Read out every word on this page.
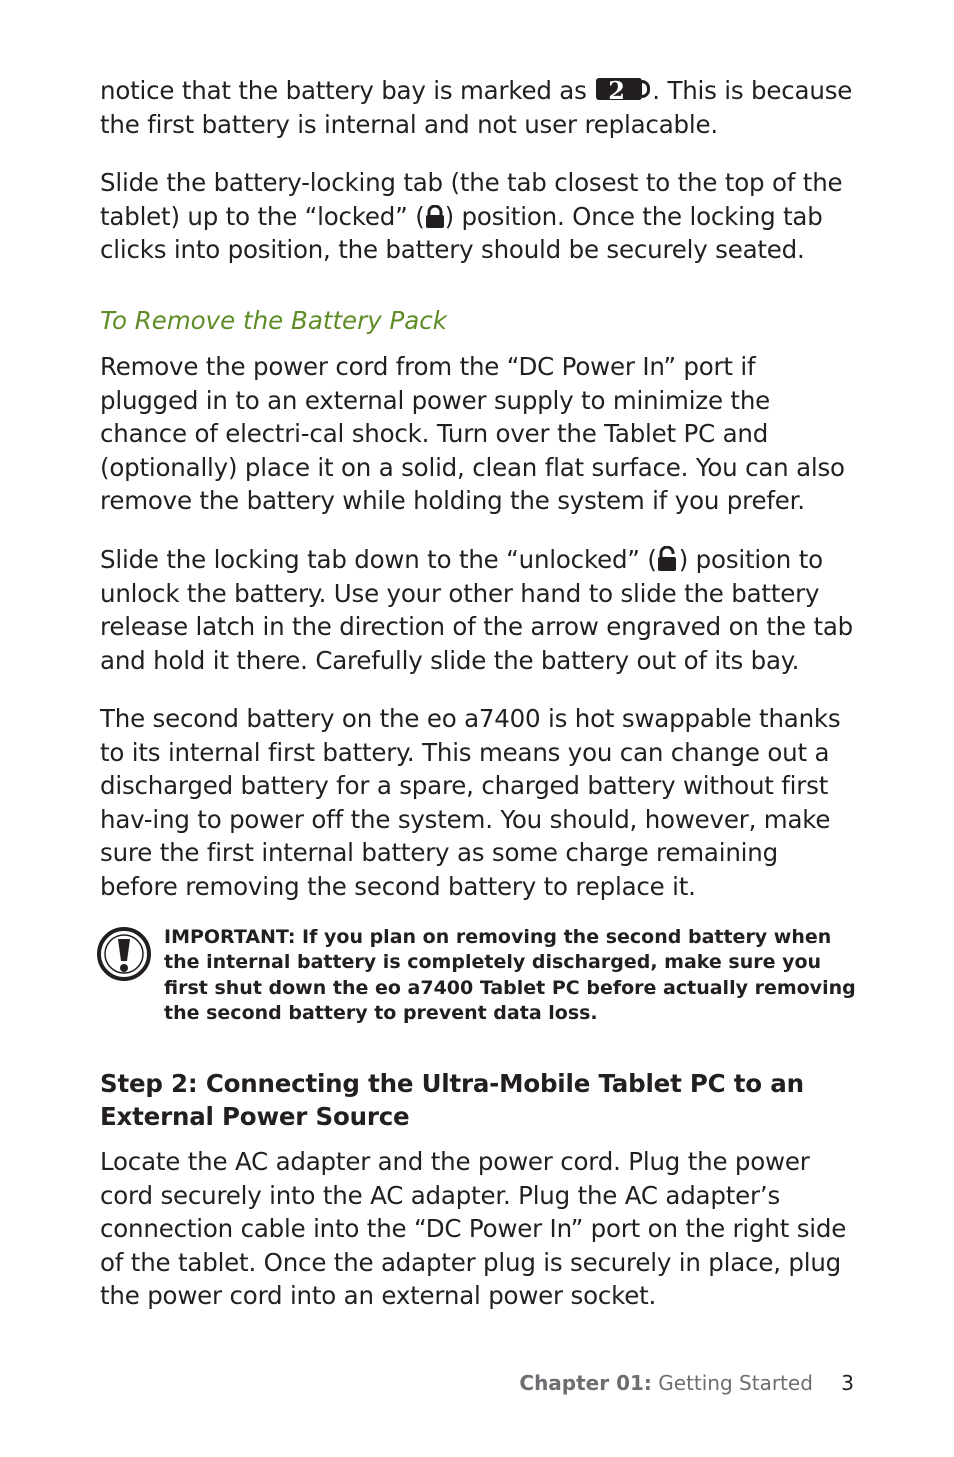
notice that the battery bay is marked as 2 . This is because the first battery is internal and not user replacable.

Slide the battery-locking tab (the tab closest to the top of the tablet) up to the “locked” ( ) position. Once the locking tab clicks into position, the battery should be securely seated.

To Remove the Battery Pack

Remove the power cord from the “DC Power In” port if plugged in to an external power supply to minimize the chance of electri-cal shock. Turn over the Tablet PC and (optionally) place it on a solid, clean flat surface. You can also remove the battery while holding the system if you prefer.

Slide the locking tab down to the “unlocked” ( ) position to unlock the battery. Use your other hand to slide the battery release latch in the direction of the arrow engraved on the tab and hold it there. Carefully slide the battery out of its bay.

The second battery on the eo a7400 is hot swappable thanks to its internal first battery. This means you can change out a discharged battery for a spare, charged battery without first hav-ing to power off the system. You should, however, make sure the first internal battery as some charge remaining before removing the second battery to replace it.

IMPORTANT: If you plan on removing the second battery when the internal battery is completely discharged, make sure you first shut down the eo a7400 Tablet PC before actually removing the second battery to prevent data loss.

Step 2: Connecting the Ultra-Mobile Tablet PC to an External Power Source

Locate the AC adapter and the power cord. Plug the power cord securely into the AC adapter. Plug the AC adapter’s connection cable into the “DC Power In” port on the right side of the tablet. Once the adapter plug is securely in place, plug the power cord into an external power socket.

Chapter 01: Getting Started 3
